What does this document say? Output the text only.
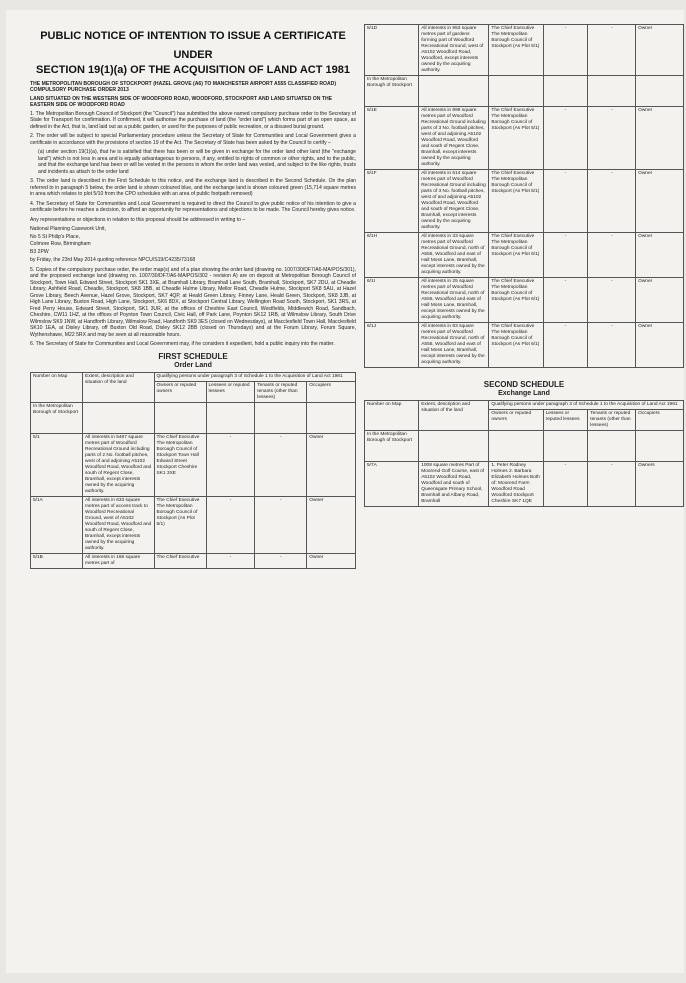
PUBLIC NOTICE OF INTENTION TO ISSUE A CERTIFICATE
UNDER
SECTION 19(1)(a) OF THE ACQUISITION OF LAND ACT 1981
THE METROPOLITAN BOROUGH OF STOCKPORT (HAZEL GROVE (A6) TO MANCHESTER AIRPORT A555 CLASSIFIED ROAD) COMPULSORY PURCHASE ORDER 2013
LAND SITUATED ON THE WESTERN SIDE OF WOODFORD ROAD, WOODFORD, STOCKPORT AND LAND SITUATED ON THE EASTERN SIDE OF WOODFORD ROAD
1. The Metropolitan Borough Council of Stockport (the "Council") has submitted the above named compulsory purchase order to the Secretary of State for Transport for confirmation. If confirmed, it will authorise the purchase of land (the "order land") which forms part of an open space, as defined in the Act, that is, land laid out as a public garden, or used for the purposes of public recreation, or a disused burial ground.
2. The order will be subject to special Parliamentary procedure unless the Secretary of State for Communities and Local Government gives a certificate in accordance with the provisions of section 19 of the Act. The Secretary of State has been asked by the Council to certify –
(a) under section 19(1)(a), that he is satisfied that there has been or will be given in exchange for the order land other land (the "exchange land") which is not less in area and is equally advantageous to persons, if any, entitled to rights of common or other rights, and to the public, and that the exchange land has been or will be vested in the persons in whom the order land was vested, and subject to the like rights, trusts and incidents as attach to the order land
3. The order land is described in the First Schedule to this notice, and the exchange land is described in the Second Schedule. On the plan referred to in paragraph 5 below, the order land is shown coloured blue, and the exchange land is shown coloured green (15,714 square metres in area which relates to plot 5/10 from the CPO schedules with an area of public footpath removed)
4. The Secretary of State for Communities and Local Government is required to direct the Council to give public notice of his intention to give a certificate before he reaches a decision, to afford an opportunity for representations and objections to be made. The Council hereby gives notice.
Any representations or objections in relation to this proposal should be addressed in writing to –
National Planning Casework Unit,
No 5 St Philip's Place,
Colmore Row, Birmingham
B3 2PW
by Friday, the 23rd May 2014 quoting reference NPCU/S19/C4235/73168
5. Copies of the compulsory purchase order, the order map(s) and of a plan showing the order land (drawing no. 1007/30/DF7/A6-MA/POS/301), and the proposed exchange land (drawing no. 1007/30/DF7/A6-MA/POS/302 - revision A) are on deposit at Metropolitan Borough Council of Stockport, Town Hall, Edward Street, Stockport SK1 3XE, at Bramhall Library, Bramhall Lane South, Bramhall, Stockport, SK7 2DU, at Cheadle Library, Ashfield Road, Cheadle, Stockport, SK8 1BB, at Cheadle Hulme Library, Mellor Road, Cheadle Hulme, Stockport SK8 5AU, at Hazel Grove Library, Beech Avenue, Hazel Grove, Stockport, SK7 4QP, at Heald Green Library, Finney Lane, Heald Green, Stockport, SK8 3JB, at High Lane Library, Buxton Road, High Lane, Stockport, SK6 8DX, at Stockport Central Library, Wellington Road South, Stockport, SK1 3RS, at Fred Perry House, Edward Street, Stockport, SK1 3UR, at the offices of Cheshire East Council, Westfields, Middlewich Road, Sandbach, Cheshire, CW11 1HZ, at the offices of Poynton Town Council, Civic Hall, off Park Lane, Poynton SK12 1RB, at Wilmslow Library, South Drive Wilmslow SK9 1NW, at Handforth Library, Wilmslow Road, Handforth SK9 3ES (closed on Wednesdays), at Macclesfield Town Hall, Macclesfield SK10 1EA, at Disley Library, off Buxton Old Road, Disley SK12 2BB (closed on Thursdays) and at the Forum Library, Forum Square, Wythenshawe, M22 5RX and may be seen at all reasonable hours.
6. The Secretary of State for Communities and Local Government may, if he considers it expedient, hold a public inquiry into the matter.
FIRST SCHEDULE
Order Land
Number on Map	Extent, description and situation of the land	Qualifying persons under paragraph 3 of Schedule 1 to the Acquisition of Land Act 1981			
		Owners or reputed owners	Lessees or reputed lessees	Tenants or reputed tenants (other than lessees)	Occupiers
In the Metropolitan Borough of Stockport					
5/1	All interests in 5487 square metres part of Woodford Recreational Ground including parts of 2 No. football pitches, west of and adjoining A5102 Woodford Road, Woodford and south of Regent Close, Bramhall, except interests owned by the acquiring authority.	The Chief Executive The Metropolitan Borough Council of Stockport Town Hall Edward Street Stockport Cheshire SK1 3XE	-	-	Owner
5/1A	All interests in 633 square metres part of access track to Woodford Recreational Ground, west of A5102 Woodford Road, Woodford and south of Regent Close, Bramhall, except interests owned by the acquiring authority.	The Chief Executive The Metropolitan Borough Council of Stockport (As Plot 5/1)	-	-	Owner
5/1B	All interests in 166 square metres part of	The Chief Executive	-	-	Owner
5/1D	All interests in 953 square metres part of gardens forming part of Woodford Recreational Ground, west of A5102 Woodford Road, Woodford, except interests owned by the acquiring authority.	The Chief Executive The Metropolitan Borough Council of Stockport (As Plot 5/1)	-	-	Owner
In the Metropolitan Borough of Stockport					
5/1E	All interests in 899 square metres part of Woodford Recreational Ground including parts of 3 No. football pitches, west of and adjoining A5102 Woodford Road, Woodford and south of Regent Close, Bramhall, except interests owned by the acquiring authority.	The Chief Executive The Metropolitan Borough Council of Stockport (As Plot 5/1)	-	-	Owner
5/1F	All interests in 614 square metres part of Woodford Recreational Ground including parts of 3 No. football pitches, west of and adjoining A5102 Woodford Road, Woodford and south of Regent Close, Bramhall, except interests owned by the acquiring authority.	The Chief Executive The Metropolitan Borough Council of Stockport (As Plot 5/1)	-	-	Owner
6/1H	All interests in 33 square metres part of Woodford Recreational Ground, north of A555, Woodford and east of Hall Moss Lane, Bramhall, except interests owned by the acquiring authority.	The Chief Executive The Metropolitan Borough Council of Stockport (As Plot 6/1)	-	-	Owner
6/1I	All interests in 25 square metres part of Woodford Recreational Ground, north of A555, Woodford and east of Hall Moss Lane, Bramhall, except interests owned by the acquiring authority.	The Chief Executive The Metropolitan Borough Council of Stockport (As Plot 6/1)	-	-	Owner
6/1J	All interests in 83 square metres part of Woodford Recreational Ground, north of A555, Woodford and east of Hall Moss Lane, Bramhall, except interests owned by the acquiring authority.	The Chief Executive The Metropolitan Borough Council of Stockport (As Plot 6/1)	-	-	Owner
SECOND SCHEDULE
Exchange Land
Number on Map	Extent, description and situation of the land	Qualifying persons under paragraph 3 of Schedule 1 to the Acquisition of Land Act 1981			
		Owners or reputed owners	Lessees or reputed lessees	Tenants or reputed tenants (other than lessees)	Occupiers
In the Metropolitan Borough of Stockport					
5/7A	1008 square metres Part of Moorend Golf Course, east of A5102 Woodford Road, Woodford and south of Queensgate Primary School, Bramhall and Albany Road, Bramhall	1. Peter Rodney Holmes 2. Barbara Elizabeth Holmes Both of: Moorend Farm Woodford Road Woodford Stockport Cheshire SK7 1QE	-	-	Owners
